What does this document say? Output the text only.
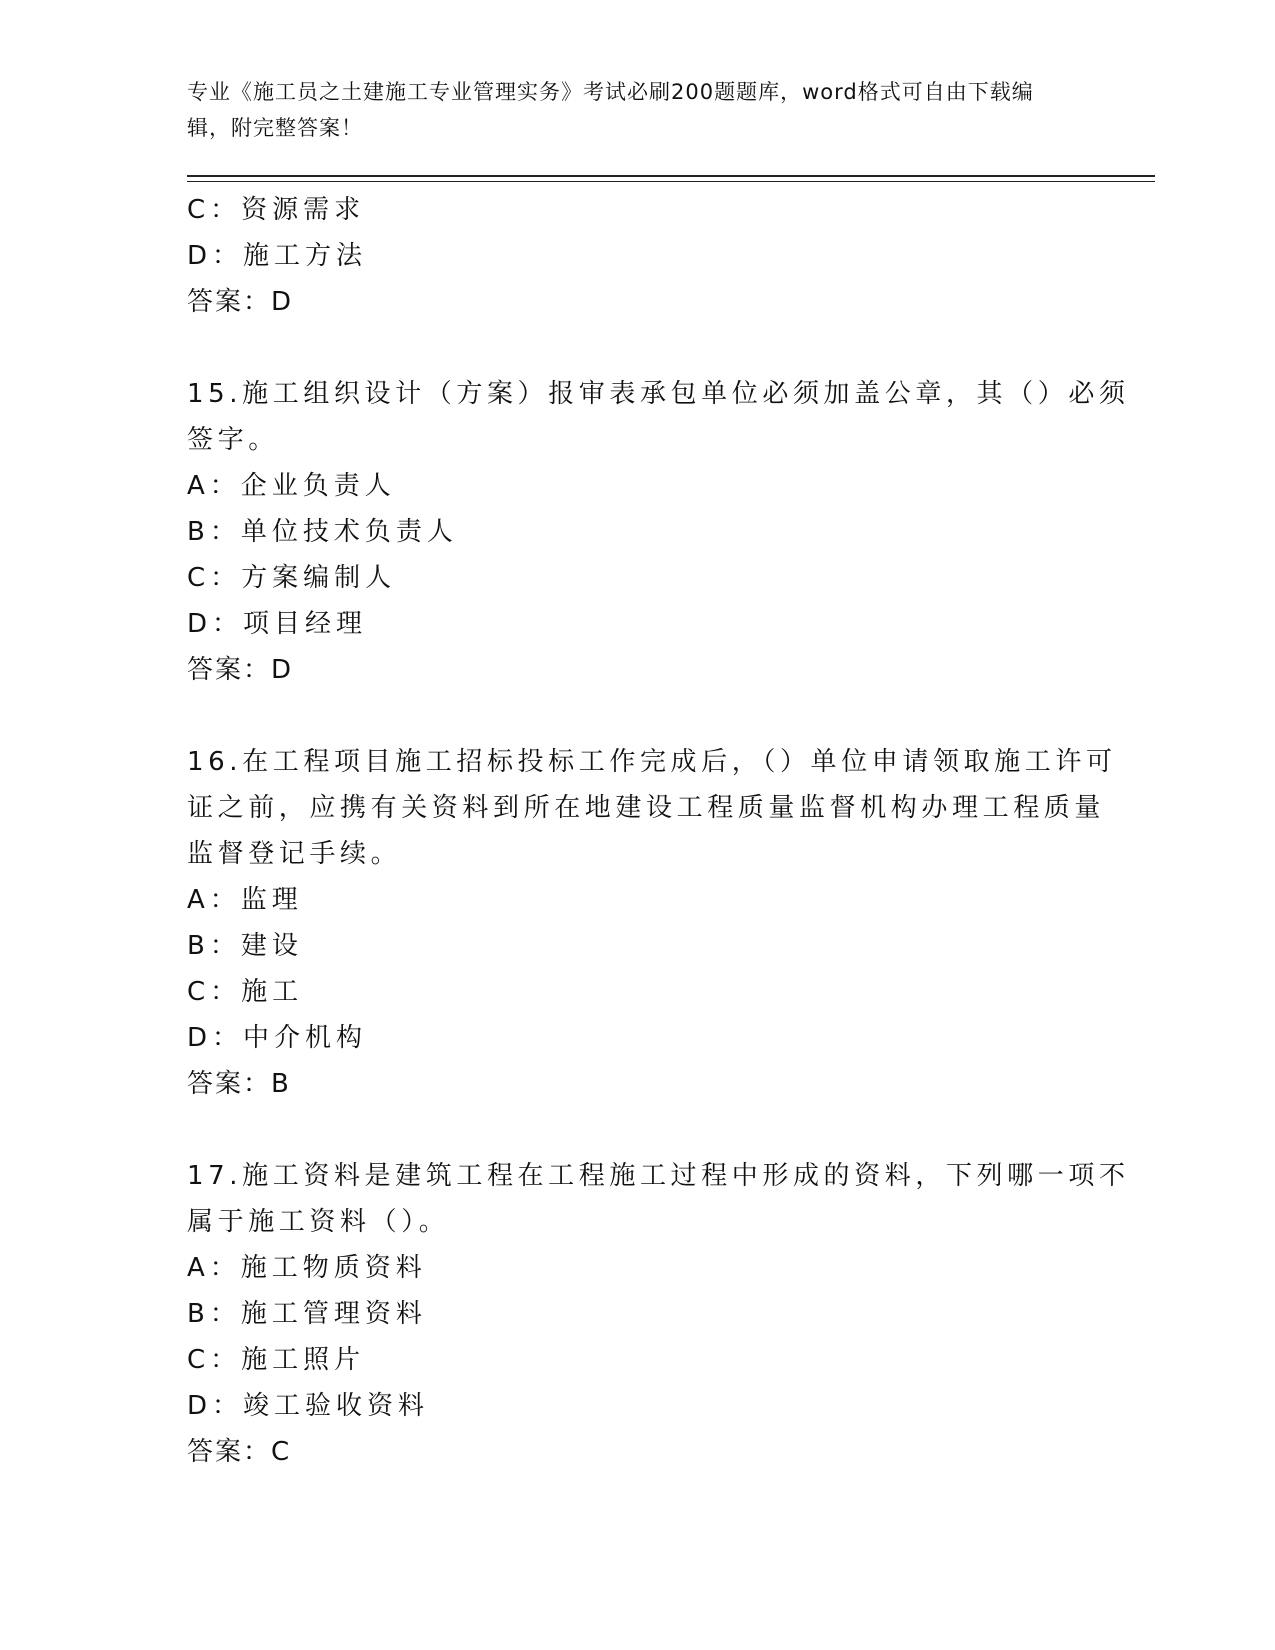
专业《施工员之土建施工专业管理实务》考试必刷200题题库，word格式可自由下载编辑，附完整答案！
C：资源需求
D：施工方法
答案：D
15.施工组织设计（方案）报审表承包单位必须加盖公章，其（）必须
签字。
A：企业负责人
B：单位技术负责人
C：方案编制人
D：项目经理
答案：D
16.在工程项目施工招标投标工作完成后，（）单位申请领取施工许可
证之前，应携有关资料到所在地建设工程质量监督机构办理工程质量
监督登记手续。
A：监理
B：建设
C：施工
D：中介机构
答案：B
17.施工资料是建筑工程在工程施工过程中形成的资料，下列哪一项不
属于施工资料（）。
A：施工物质资料
B：施工管理资料
C：施工照片
D：竣工验收资料
答案：C
